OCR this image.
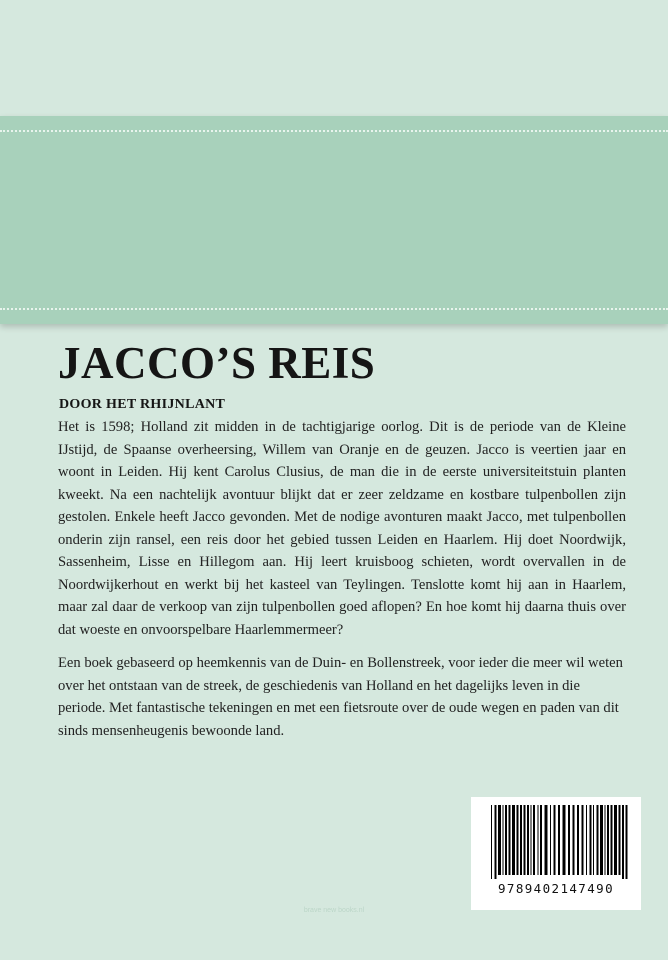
JACCO’S REIS
DOOR HET RHIJNLANT

Het is 1598; Holland zit midden in de tachtigjarige oorlog. Dit is de periode van de Kleine IJstijd, de Spaanse overheersing, Willem van Oranje en de geuzen. Jacco is veertien jaar en woont in Leiden. Hij kent Carolus Clusius, de man die in de eerste universiteitstuin planten kweekt. Na een nachtelijk avontuur blijkt dat er zeer zeldzame en kostbare tulpenbollen zijn gestolen. Enkele heeft Jacco gevonden. Met de nodige avonturen maakt Jacco, met tulpenbollen onderin zijn ransel, een reis door het gebied tussen Leiden en Haarlem. Hij doet Noordwijk, Sassenheim, Lisse en Hillegom aan. Hij leert kruisboog schieten, wordt overvallen in de Noordwijkerhout en werkt bij het kasteel van Teylingen. Tenslotte komt hij aan in Haarlem, maar zal daar de verkoop van zijn tulpenbollen goed aflopen? En hoe komt hij daarna thuis over dat woeste en onvoorspelbare Haarlemmermeer?

Een boek gebaseerd op heemkennis van de Duin- en Bollenstreek, voor ieder die meer wil weten over het ontstaan van de streek, de geschiedenis van Holland en het dagelijks leven in die periode. Met fantastische tekeningen en met een fietsroute over de oude wegen en paden van dit sinds mensenheugenis bewoonde land.

9789402147490
brave new books.nl
